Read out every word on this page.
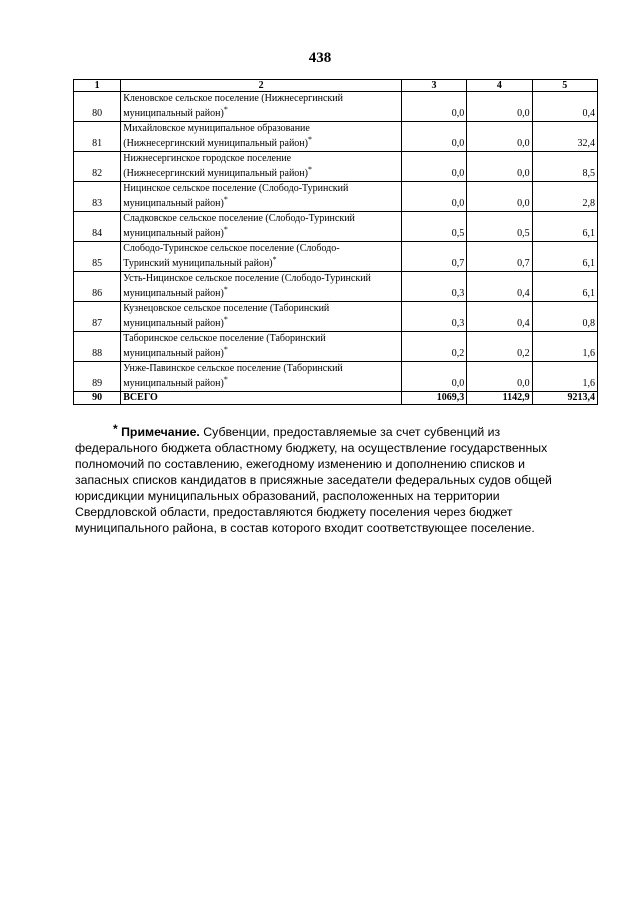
438
1	2	3	4	5
80	Кленовское сельское поселение (Нижнесергинский
муниципальный район)*	0,0	0,0	0,4
81	Михайловское муниципальное образование
(Нижнесергинский муниципальный район)*	0,0	0,0	32,4
82	Нижнесергинское городское поселение
(Нижнесергинский муниципальный район)*	0,0	0,0	8,5
83	Ницинское сельское поселение (Слободо-Туринский
муниципальный район)*	0,0	0,0	2,8
84	Сладковское сельское поселение (Слободо-Туринский
муниципальный район)*	0,5	0,5	6,1
85	Слободо-Туринское сельское поселение (Слободо-
Туринский муниципальный район)*	0,7	0,7	6,1
86	Усть-Ницинское сельское поселение (Слободо-Туринский
муниципальный район)*	0,3	0,4	6,1
87	Кузнецовское сельское поселение (Таборинский
муниципальный район)*	0,3	0,4	0,8
88	Таборинское сельское поселение (Таборинский
муниципальный район)*	0,2	0,2	1,6
89	Унже-Павинское сельское поселение (Таборинский
муниципальный район)*	0,0	0,0	1,6
90	ВСЕГО	1069,3	1142,9	9213,4
* Примечание. Субвенции, предоставляемые за счет субвенций из федерального бюджета областному бюджету, на осуществление государственных полномочий по составлению, ежегодному изменению и дополнению списков и запасных списков кандидатов в присяжные заседатели федеральных судов общей юрисдикции муниципальных образований, расположенных на территории Свердловской области, предоставляются бюджету поселения через бюджет муниципального района, в состав которого входит соответствующее поселение.
